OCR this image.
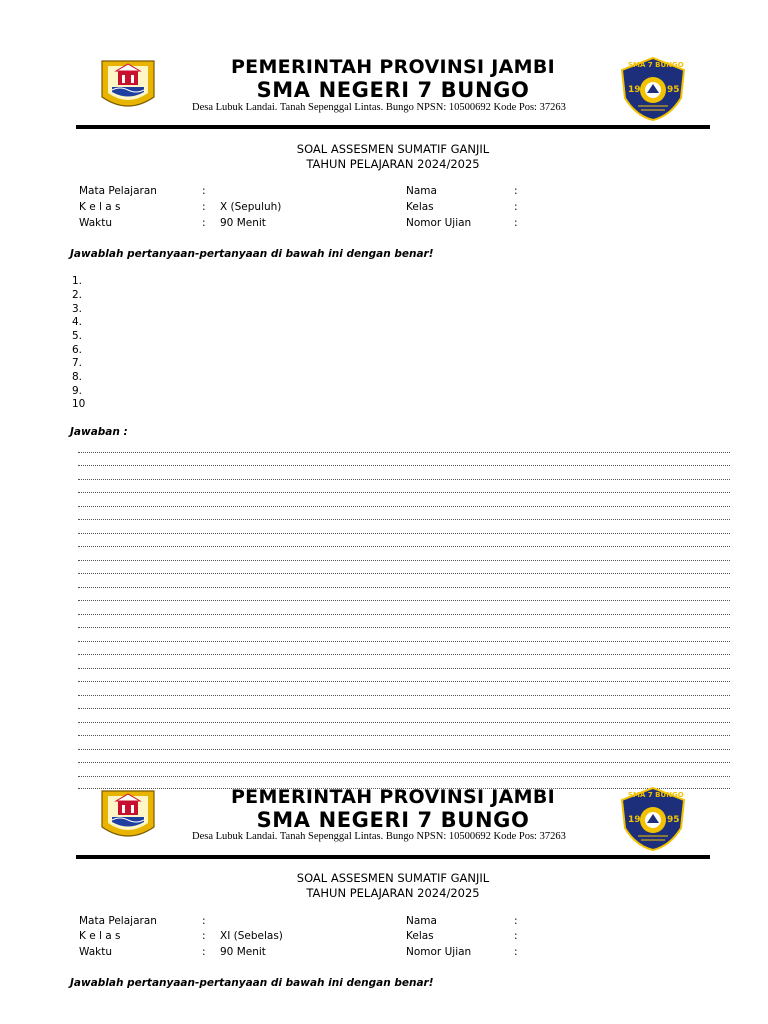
PEMERINTAH PROVINSI JAMBI
SMA NEGERI 7 BUNGO
Desa Lubuk Landai. Tanah Sepenggal Lintas. Bungo NPSN: 10500692 Kode Pos: 37263
SMA 7 BUNGO
19	95
SOAL ASSESMEN SUMATIF GANJIL
TAHUN PELAJARAN 2024/2025
Mata Pelajaran	:	Nama	:
K e l a s	: X (Sepuluh)	Kelas	:
Waktu	: 90 Menit	Nomor Ujian	:
Jawablah pertanyaan-pertanyaan di bawah ini dengan benar!
1.
2.
3.
4.
5.
6.
7.
8.
9.
10
Jawaban :
PEMERINTAH PROVINSI JAMBI
SMA NEGERI 7 BUNGO
Desa Lubuk Landai. Tanah Sepenggal Lintas. Bungo NPSN: 10500692 Kode Pos: 37263
SMA 7 BUNGO
19	95
SOAL ASSESMEN SUMATIF GANJIL
TAHUN PELAJARAN 2024/2025
Mata Pelajaran	:	Nama	:
K e l a s	: XI (Sebelas)	Kelas	:
Waktu	: 90 Menit	Nomor Ujian	:
Jawablah pertanyaan-pertanyaan di bawah ini dengan benar!
